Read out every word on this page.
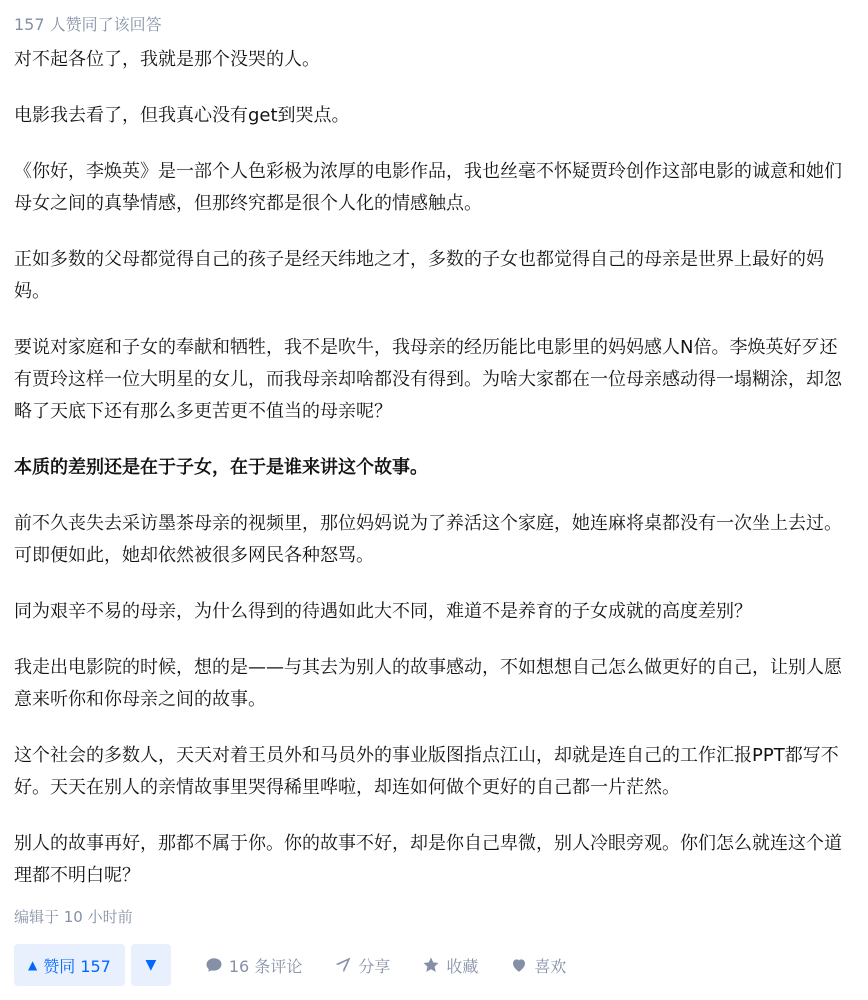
157 人赞同了该回答

对不起各位了，我就是那个没哭的人。

电影我去看了，但我真心没有get到哭点。

《你好，李焕英》是一部个人色彩极为浓厚的电影作品，我也丝毫不怀疑贾玲创作这部电影的诚意和她们母女之间的真挚情感，但那终究都是很个人化的情感触点。

正如多数的父母都觉得自己的孩子是经天纬地之才，多数的子女也都觉得自己的母亲是世界上最好的妈妈。

要说对家庭和子女的奉献和牺牲，我不是吹牛，我母亲的经历能比电影里的妈妈感人N倍。李焕英好歹还有贾玲这样一位大明星的女儿，而我母亲却啥都没有得到。为啥大家都在一位母亲感动得一塌糊涂，却忽略了天底下还有那么多更苦更不值当的母亲呢？

本质的差别还是在于子女，在于是谁来讲这个故事。

前不久丧失去采访墨茶母亲的视频里，那位妈妈说为了养活这个家庭，她连麻将桌都没有一次坐上去过。可即便如此，她却依然被很多网民各种怒骂。

同为艰辛不易的母亲，为什么得到的待遇如此大不同，难道不是养育的子女成就的高度差别？

我走出电影院的时候，想的是——与其去为别人的故事感动，不如想想自己怎么做更好的自己，让别人愿意来听你和你母亲之间的故事。

这个社会的多数人，天天对着王员外和马员外的事业版图指点江山，却就是连自己的工作汇报PPT都写不好。天天在别人的亲情故事里哭得稀里哗啦，却连如何做个更好的自己都一片茫然。

别人的故事再好，那都不属于你。你的故事不好，却是你自己卑微，别人冷眼旁观。你们怎么就连这个道理都不明白呢？

编辑于 10 小时前
▲ 赞同 157 ▼	16 条评论	分享	收藏	喜欢
